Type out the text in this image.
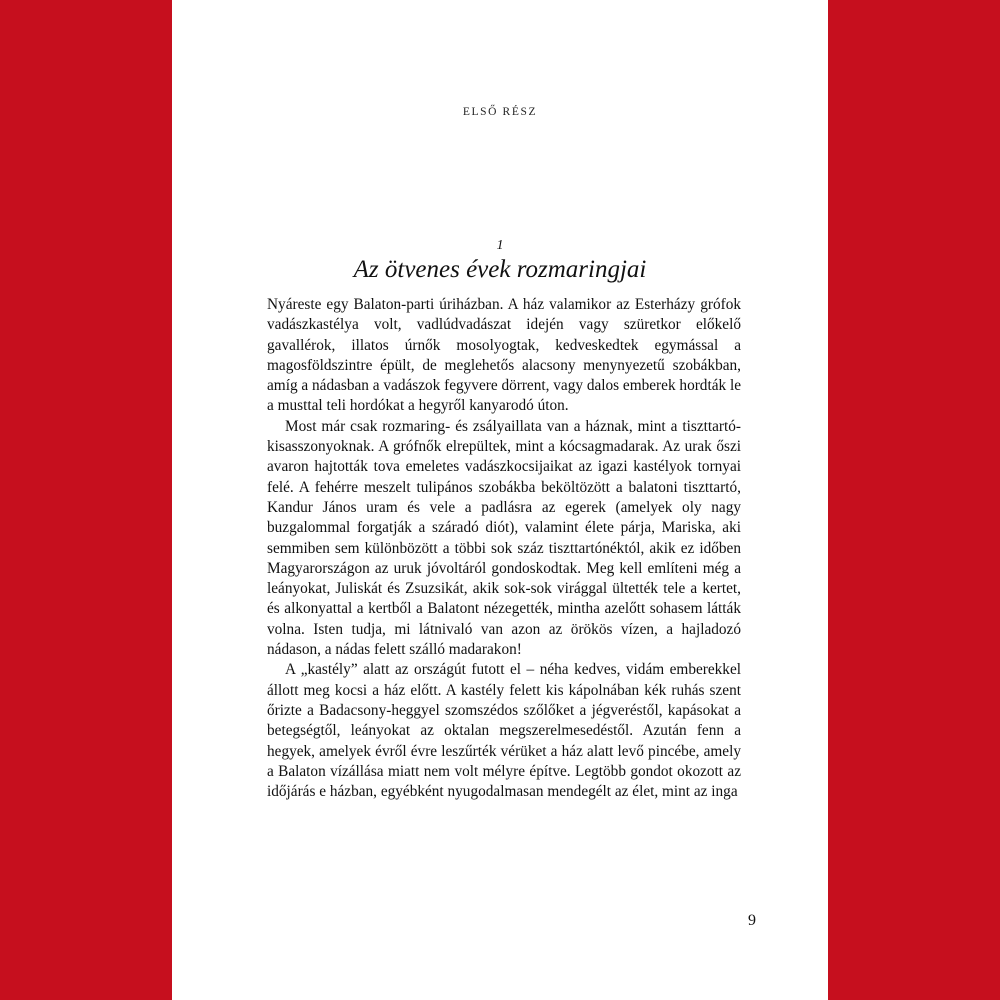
ELSŐ RÉSZ
1
Az ötvenes évek rozmaringjai

Nyáreste egy Balaton-parti úriházban. A ház valamikor az Esterházy grófok vadászkastélya volt, vadlúdvadászat idején vagy szüretkor előkelő gavallérok, illatos úrnők mosolyogtak, kedveskedtek egymással a magosföldszintre épült, de meglehetős alacsony menynyezetű szobákban, amíg a nádasban a vadászok fegyvere dörrent, vagy dalos emberek hordták le a musttal teli hordókat a hegyről kanyarodó úton.

Most már csak rozmaring- és zsályaillata van a háznak, mint a tiszttartó-kisasszonyoknak. A grófnők elrepültek, mint a kócsagmadarak. Az urak őszi avaron hajtották tova emeletes vadászkocsijaikat az igazi kastélyok tornyai felé. A fehérre meszelt tulipános szobákba beköltözött a balatoni tiszttartó, Kandur János uram és vele a padlásra az egerek (amelyek oly nagy buzgalommal forgatják a száradó diót), valamint élete párja, Mariska, aki semmiben sem különbözött a többi sok száz tiszttartónéktól, akik ez időben Magyarországon az uruk jóvoltáról gondoskodtak. Meg kell említeni még a leányokat, Juliskát és Zsuzsikát, akik sok-sok virággal ültették tele a kertet, és alkonyattal a kertből a Balatont nézegették, mintha azelőtt sohasem látták volna. Isten tudja, mi látnivaló van azon az örökös vízen, a hajladozó nádason, a nádas felett szálló madarakon!

A „kastély” alatt az országút futott el – néha kedves, vidám emberekkel állott meg kocsi a ház előtt. A kastély felett kis kápolnában kék ruhás szent őrizte a Badacsony-heggyel szomszédos szőlőket a jégveréstől, kapásokat a betegségtől, leányokat az oktalan megszerelmesedéstől. Azután fenn a hegyek, amelyek évről évre leszűrték vérüket a ház alatt levő pincébe, amely a Balaton vízállása miatt nem volt mélyre építve. Legtöbb gondot okozott az időjárás e házban, egyébként nyugodalmasan mendegélt az élet, mint az inga

9
